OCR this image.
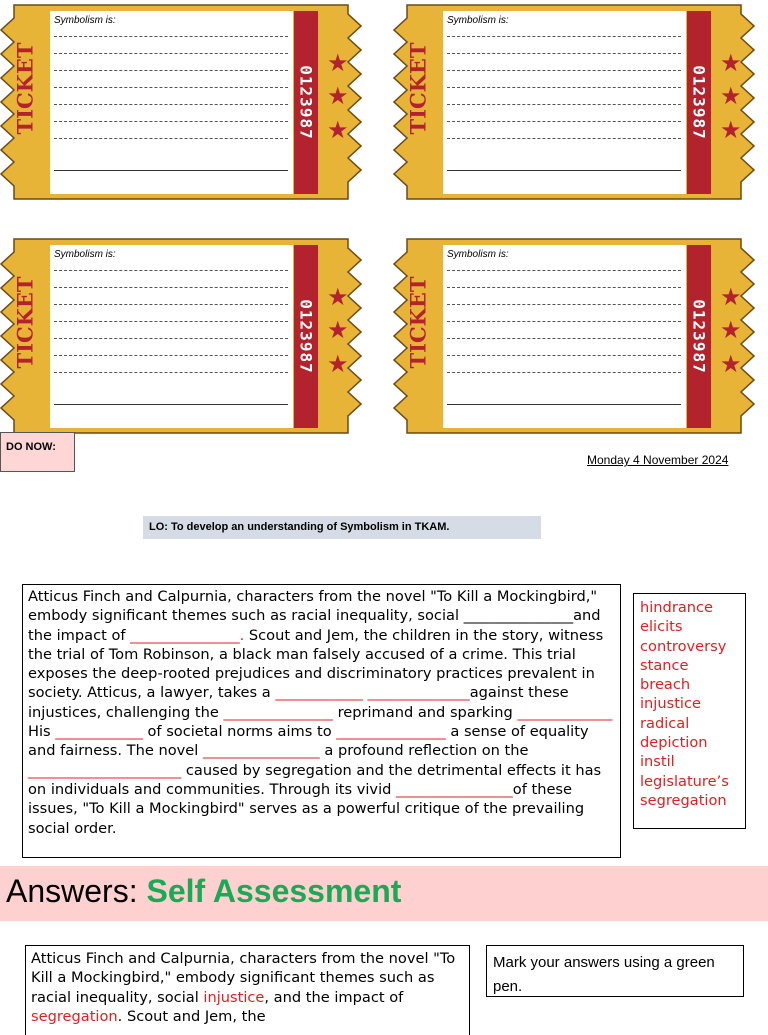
Symbolism is:
0123987
★
★
★
Symbolism is:
0123987
★
★
★
Symbolism is:
0123987
★
★
★
Symbolism is:
0123987
★
★
★
DO NOW:
Monday 4 November 2024
LO: To develop an understanding of Symbolism in TKAM.
Atticus Finch and Calpurnia, characters from the novel "To Kill a Mockingbird," embody significant themes such as racial inequality, social _______________and the impact of _______________. Scout and Jem, the children in the story, witness the trial of Tom Robinson, a black man falsely accused of a crime. This trial exposes the deep-rooted prejudices and discriminatory practices prevalent in society. Atticus, a lawyer, takes a ____________ ______________against these injustices, challenging the _______________ reprimand and sparking _____________ His ____________ of societal norms aims to _______________ a sense of equality and fairness. The novel ________________ a profound reflection on the _____________________ caused by segregation and the detrimental effects it has on individuals and communities. Through its vivid ________________of these issues, "To Kill a Mockingbird" serves as a powerful critique of the prevailing social order.
hindrance
elicits
controversy
stance
breach
injustice
radical
depiction
instil
legislature’s
segregation
Answers: Self Assessment
Atticus Finch and Calpurnia, characters from the novel "To Kill a Mockingbird," embody significant themes such as racial inequality, social injustice, and the impact of segregation. Scout and Jem, the
Mark your answers using a green pen.
